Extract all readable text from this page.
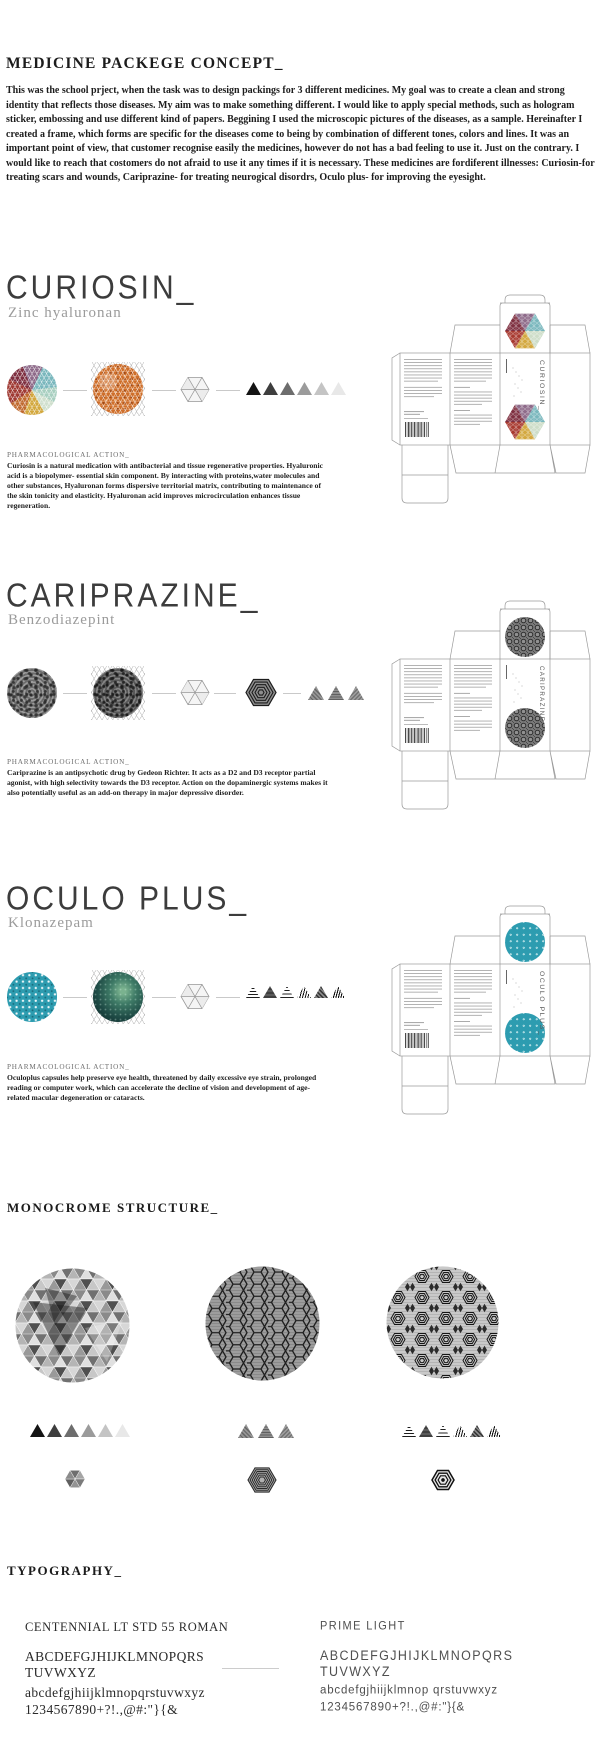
MEDICINE PACKEGE CONCEPT_
This was the school prject, when the task was to design packings for 3 different medicines. My goal was to create a clean and strong identity that reflects those diseases. My aim was to make something different. I would like to apply special methods, such as hologram sticker, embossing and use different kind of papers. Beggining I used the microscopic pictures of the diseases, as a sample. Hereinafter I created a frame, which forms are specific for the diseases come to being by combination of different tones, colors and lines. It was an important point of view, that customer recognise easily the medicines, however do not has a bad feeling to use it. Just on the contrary. I would like to reach that costomers do not afraid to use it any times if it is necessary. These medicines are fordiferent illnesses: Curiosin-for treating scars and wounds, Cariprazine- for treating neurogical disordrs, Oculo plus- for improving the eyesight.
CURIOSIN_
Zinc hyaluronan
PHARMACOLOGICAL ACTION_
Curiosin is a natural medication with antibacterial and tissue regenerative properties. Hyaluronic acid is a biopolymer- essential skin component. By interacting with proteins,water molecules and other substances, Hyaluronan forms dispersive territorial matrix, contributing to maintenance of the skin tonicity and elasticity. Hyaluronan acid improves microcirculation enhances tissue regeneration.
CURIOSIN_
CARIPRAZINE_
Benzodiazepint
PHARMACOLOGICAL ACTION_
Cariprazine is an antipsychotic drug by Gedeon Richter. It acts as a D2 and D3 receptor partial agonist, with high selectivity towards the D3 receptor. Action on the dopaminergic systems makes it also potentially useful as an add-on therapy in major depressive disorder.
CARIPRAZINE_
OCULO PLUS_
Klonazepam
PHARMACOLOGICAL ACTION_
Oculoplus capsules help preserve eye health, threatened by daily excessive eye strain, prolonged reading or computer work, which can accelerate the decline of vision and development of age-related macular degeneration or cataracts.
OCULO PLUS_
MONOCROME STRUCTURE_
TYPOGRAPHY_
CENTENNIAL LT STD 55 ROMAN
ABCDEFGJHIJKLMNOPQRS
TUVWXYZ
abcdefgjhiijklmnopqrstuvwxyz
1234567890+?!.,@#:"}{&
PRIME LIGHT
ABCDEFGJHIJKLMNOPQRS
TUVWXYZ
abcdefgjhiijklmnop qrstuvwxyz
1234567890+?!.,@#:"}{&
